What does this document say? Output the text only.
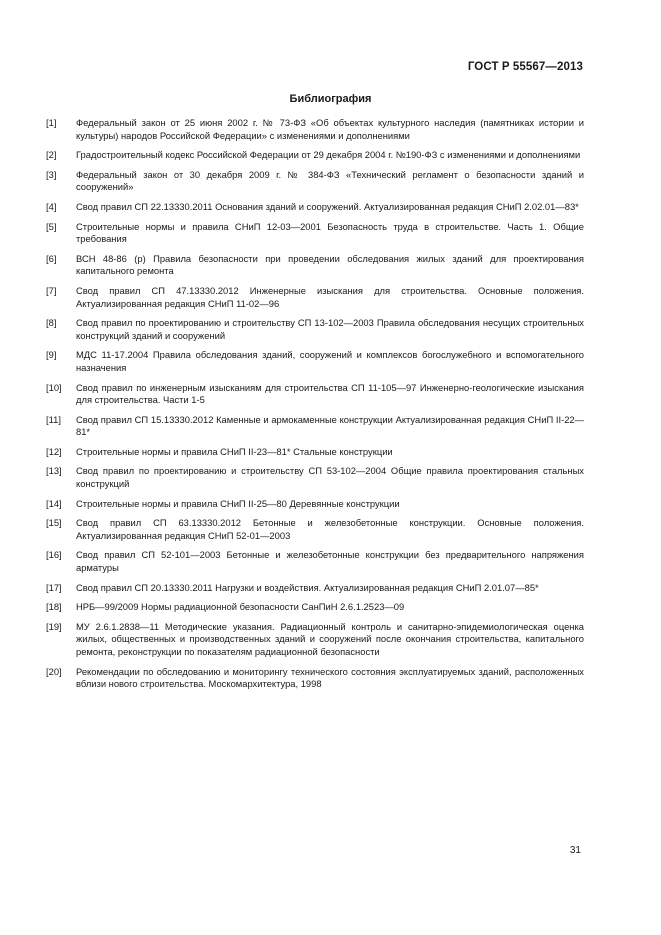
ГОСТ Р 55567—2013
Библиография
[1]	Федеральный закон от 25 июня 2002 г. № 73-ФЗ «Об объектах культурного наследия (памятниках истории и культуры) народов Российской Федерации» с изменениями и дополнениями
[2]	Градостроительный кодекс Российской Федерации от 29 декабря 2004 г. №190-ФЗ с изменениями и дополнениями
[3]	Федеральный закон от 30 декабря 2009 г. № 384-ФЗ «Технический регламент о безопасности зданий и сооружений»
[4]	Свод правил СП 22.13330.2011 Основания зданий и сооружений. Актуализированная редакция СНиП 2.02.01—83*
[5]	Строительные нормы и правила СНиП 12-03—2001 Безопасность труда в строительстве. Часть 1. Общие требования
[6]	ВСН 48-86 (р) Правила безопасности при проведении обследования жилых зданий для проектирования капитального ремонта
[7]	Свод правил СП 47.13330.2012 Инженерные изыскания для строительства. Основные положения. Актуализированная редакция СНиП 11-02—96
[8]	Свод правил по проектированию и строительству СП 13-102—2003 Правила обследования несущих строительных конструкций зданий и сооружений
[9]	МДС 11-17.2004 Правила обследования зданий, сооружений и комплексов богослужебного и вспомогательного назначения
[10]	Свод правил по инженерным изысканиям для строительства СП 11-105—97 Инженерно-геологические изыскания для строительства. Части 1-5
[11]	Свод правил СП 15.13330.2012 Каменные и армокаменные конструкции Актуализированная редакция СНиП II-22—81*
[12]	Строительные нормы и правила СНиП II-23—81* Стальные конструкции
[13]	Свод правил по проектированию и строительству СП 53-102—2004 Общие правила проектирования стальных конструкций
[14]	Строительные нормы и правила СНиП II-25—80 Деревянные конструкции
[15]	Свод правил СП 63.13330.2012 Бетонные и железобетонные конструкции. Основные положения. Актуализированная редакция СНиП 52-01—2003
[16]	Свод правил СП 52-101—2003 Бетонные и железобетонные конструкции без предварительного напряжения арматуры
[17]	Свод правил СП 20.13330.2011 Нагрузки и воздействия. Актуализированная редакция СНиП 2.01.07—85*
[18]	НРБ—99/2009 Нормы радиационной безопасности СанПиН 2.6.1.2523—09
[19]	МУ 2.6.1.2838—11 Методические указания. Радиационный контроль и санитарно-эпидемиологическая оценка жилых, общественных и производственных зданий и сооружений после окончания строительства, капитального ремонта, реконструкции по показателям радиационной безопасности
[20]	Рекомендации по обследованию и мониторингу технического состояния эксплуатируемых зданий, расположенных вблизи нового строительства. Москомархитектура, 1998
31
